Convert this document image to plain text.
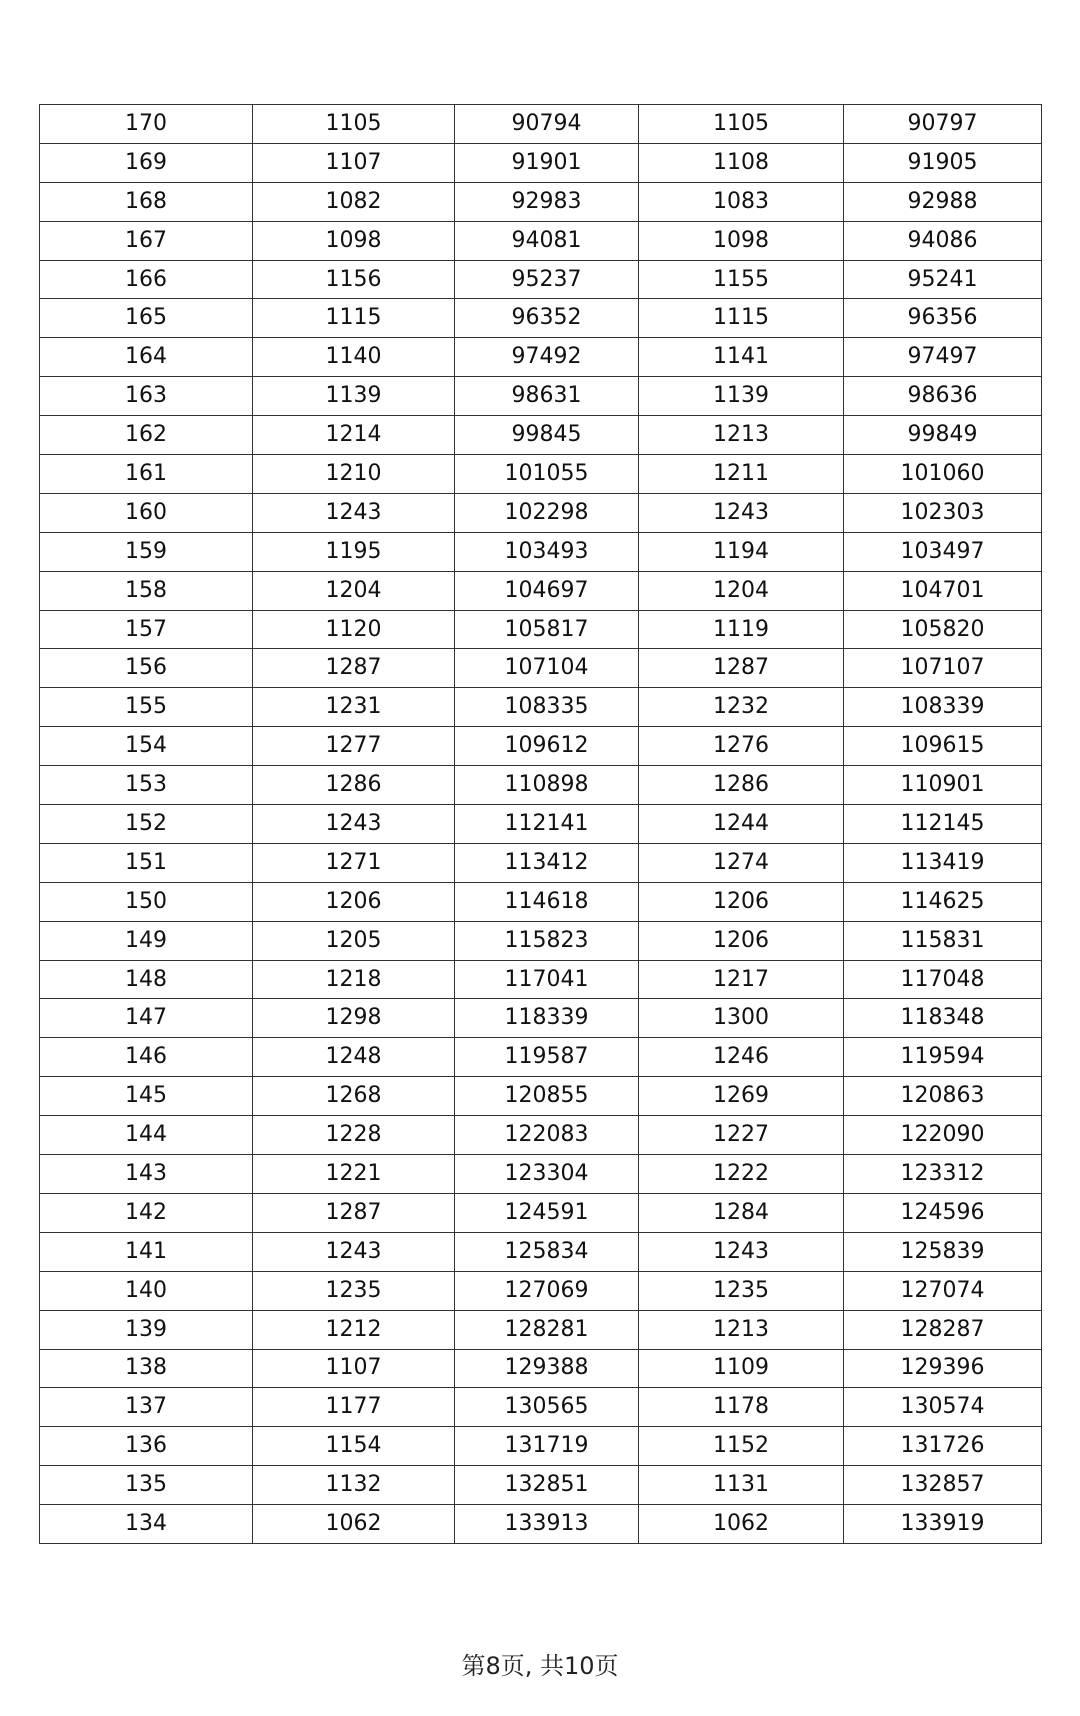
170	1105	90794	1105	90797
169	1107	91901	1108	91905
168	1082	92983	1083	92988
167	1098	94081	1098	94086
166	1156	95237	1155	95241
165	1115	96352	1115	96356
164	1140	97492	1141	97497
163	1139	98631	1139	98636
162	1214	99845	1213	99849
161	1210	101055	1211	101060
160	1243	102298	1243	102303
159	1195	103493	1194	103497
158	1204	104697	1204	104701
157	1120	105817	1119	105820
156	1287	107104	1287	107107
155	1231	108335	1232	108339
154	1277	109612	1276	109615
153	1286	110898	1286	110901
152	1243	112141	1244	112145
151	1271	113412	1274	113419
150	1206	114618	1206	114625
149	1205	115823	1206	115831
148	1218	117041	1217	117048
147	1298	118339	1300	118348
146	1248	119587	1246	119594
145	1268	120855	1269	120863
144	1228	122083	1227	122090
143	1221	123304	1222	123312
142	1287	124591	1284	124596
141	1243	125834	1243	125839
140	1235	127069	1235	127074
139	1212	128281	1213	128287
138	1107	129388	1109	129396
137	1177	130565	1178	130574
136	1154	131719	1152	131726
135	1132	132851	1131	132857
134	1062	133913	1062	133919
第8页, 共10页
